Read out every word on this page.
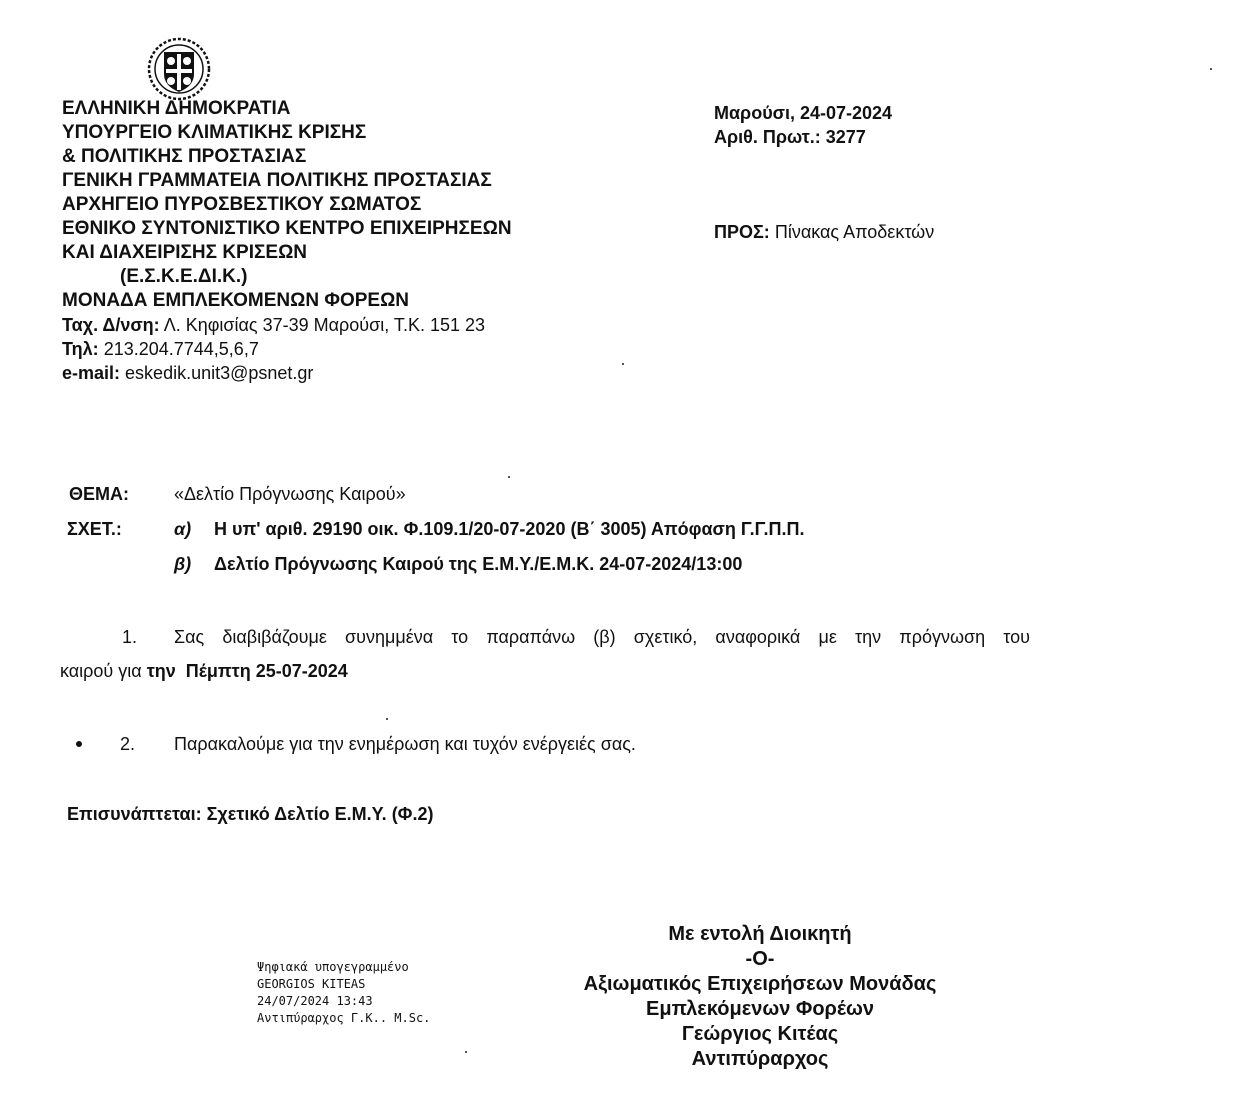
ΕΛΛΗΝΙΚΗ ΔΗΜΟΚΡΑΤΙΑ
ΥΠΟΥΡΓΕΙΟ ΚΛΙΜΑΤΙΚΗΣ ΚΡΙΣΗΣ
& ΠΟΛΙΤΙΚΗΣ ΠΡΟΣΤΑΣΙΑΣ
ΓΕΝΙΚΗ ΓΡΑΜΜΑΤΕΙΑ ΠΟΛΙΤΙΚΗΣ ΠΡΟΣΤΑΣΙΑΣ
ΑΡΧΗΓΕΙΟ ΠΥΡΟΣΒΕΣΤΙΚΟΥ ΣΩΜΑΤΟΣ
ΕΘΝΙΚΟ ΣΥΝΤΟΝΙΣΤΙΚΟ ΚΕΝΤΡΟ ΕΠΙΧΕΙΡΗΣΕΩΝ
ΚΑΙ ΔΙΑΧΕΙΡΙΣΗΣ ΚΡΙΣΕΩΝ
(Ε.Σ.Κ.Ε.ΔΙ.Κ.)
ΜΟΝΑΔΑ ΕΜΠΛΕΚΟΜΕΝΩΝ ΦΟΡΕΩΝ
Ταχ. Δ/νση: Λ. Κηφισίας 37-39 Μαρούσι, Τ.Κ. 151 23
Τηλ: 213.204.7744,5,6,7
e-mail: eskedik.unit3@psnet.gr
Μαρούσι, 24-07-2024
Αριθ. Πρωτ.: 3277
ΠΡΟΣ: Πίνακας Αποδεκτών
ΘΕΜΑ:	«Δελτίο Πρόγνωσης Καιρού»
ΣΧΕΤ.:	α) Η υπ' αριθ. 29190 οικ. Φ.109.1/20-07-2020 (Β΄ 3005) Απόφαση Γ.Γ.Π.Π.
β) Δελτίο Πρόγνωσης Καιρού της Ε.Μ.Υ./Ε.Μ.Κ. 24-07-2024/13:00
1. Σας διαβιβάζουμε συνημμένα το παραπάνω (β) σχετικό, αναφορικά με την πρόγνωση του
καιρού για την  Πέμπτη 25-07-2024
2. Παρακαλούμε για την ενημέρωση και τυχόν ενέργειές σας.
Επισυνάπτεται: Σχετικό Δελτίο Ε.Μ.Υ. (Φ.2)
Ψηφιακά υπογεγραμμένο
GEORGIOS KITEAS
24/07/2024 13:43
Αντιπύραρχος Γ.Κ.. M.Sc.
Με εντολή Διοικητή
-Ο-
Αξιωματικός Επιχειρήσεων Μονάδας
Εμπλεκόμενων Φορέων
Γεώργιος Κιτέας
Αντιπύραρχος
